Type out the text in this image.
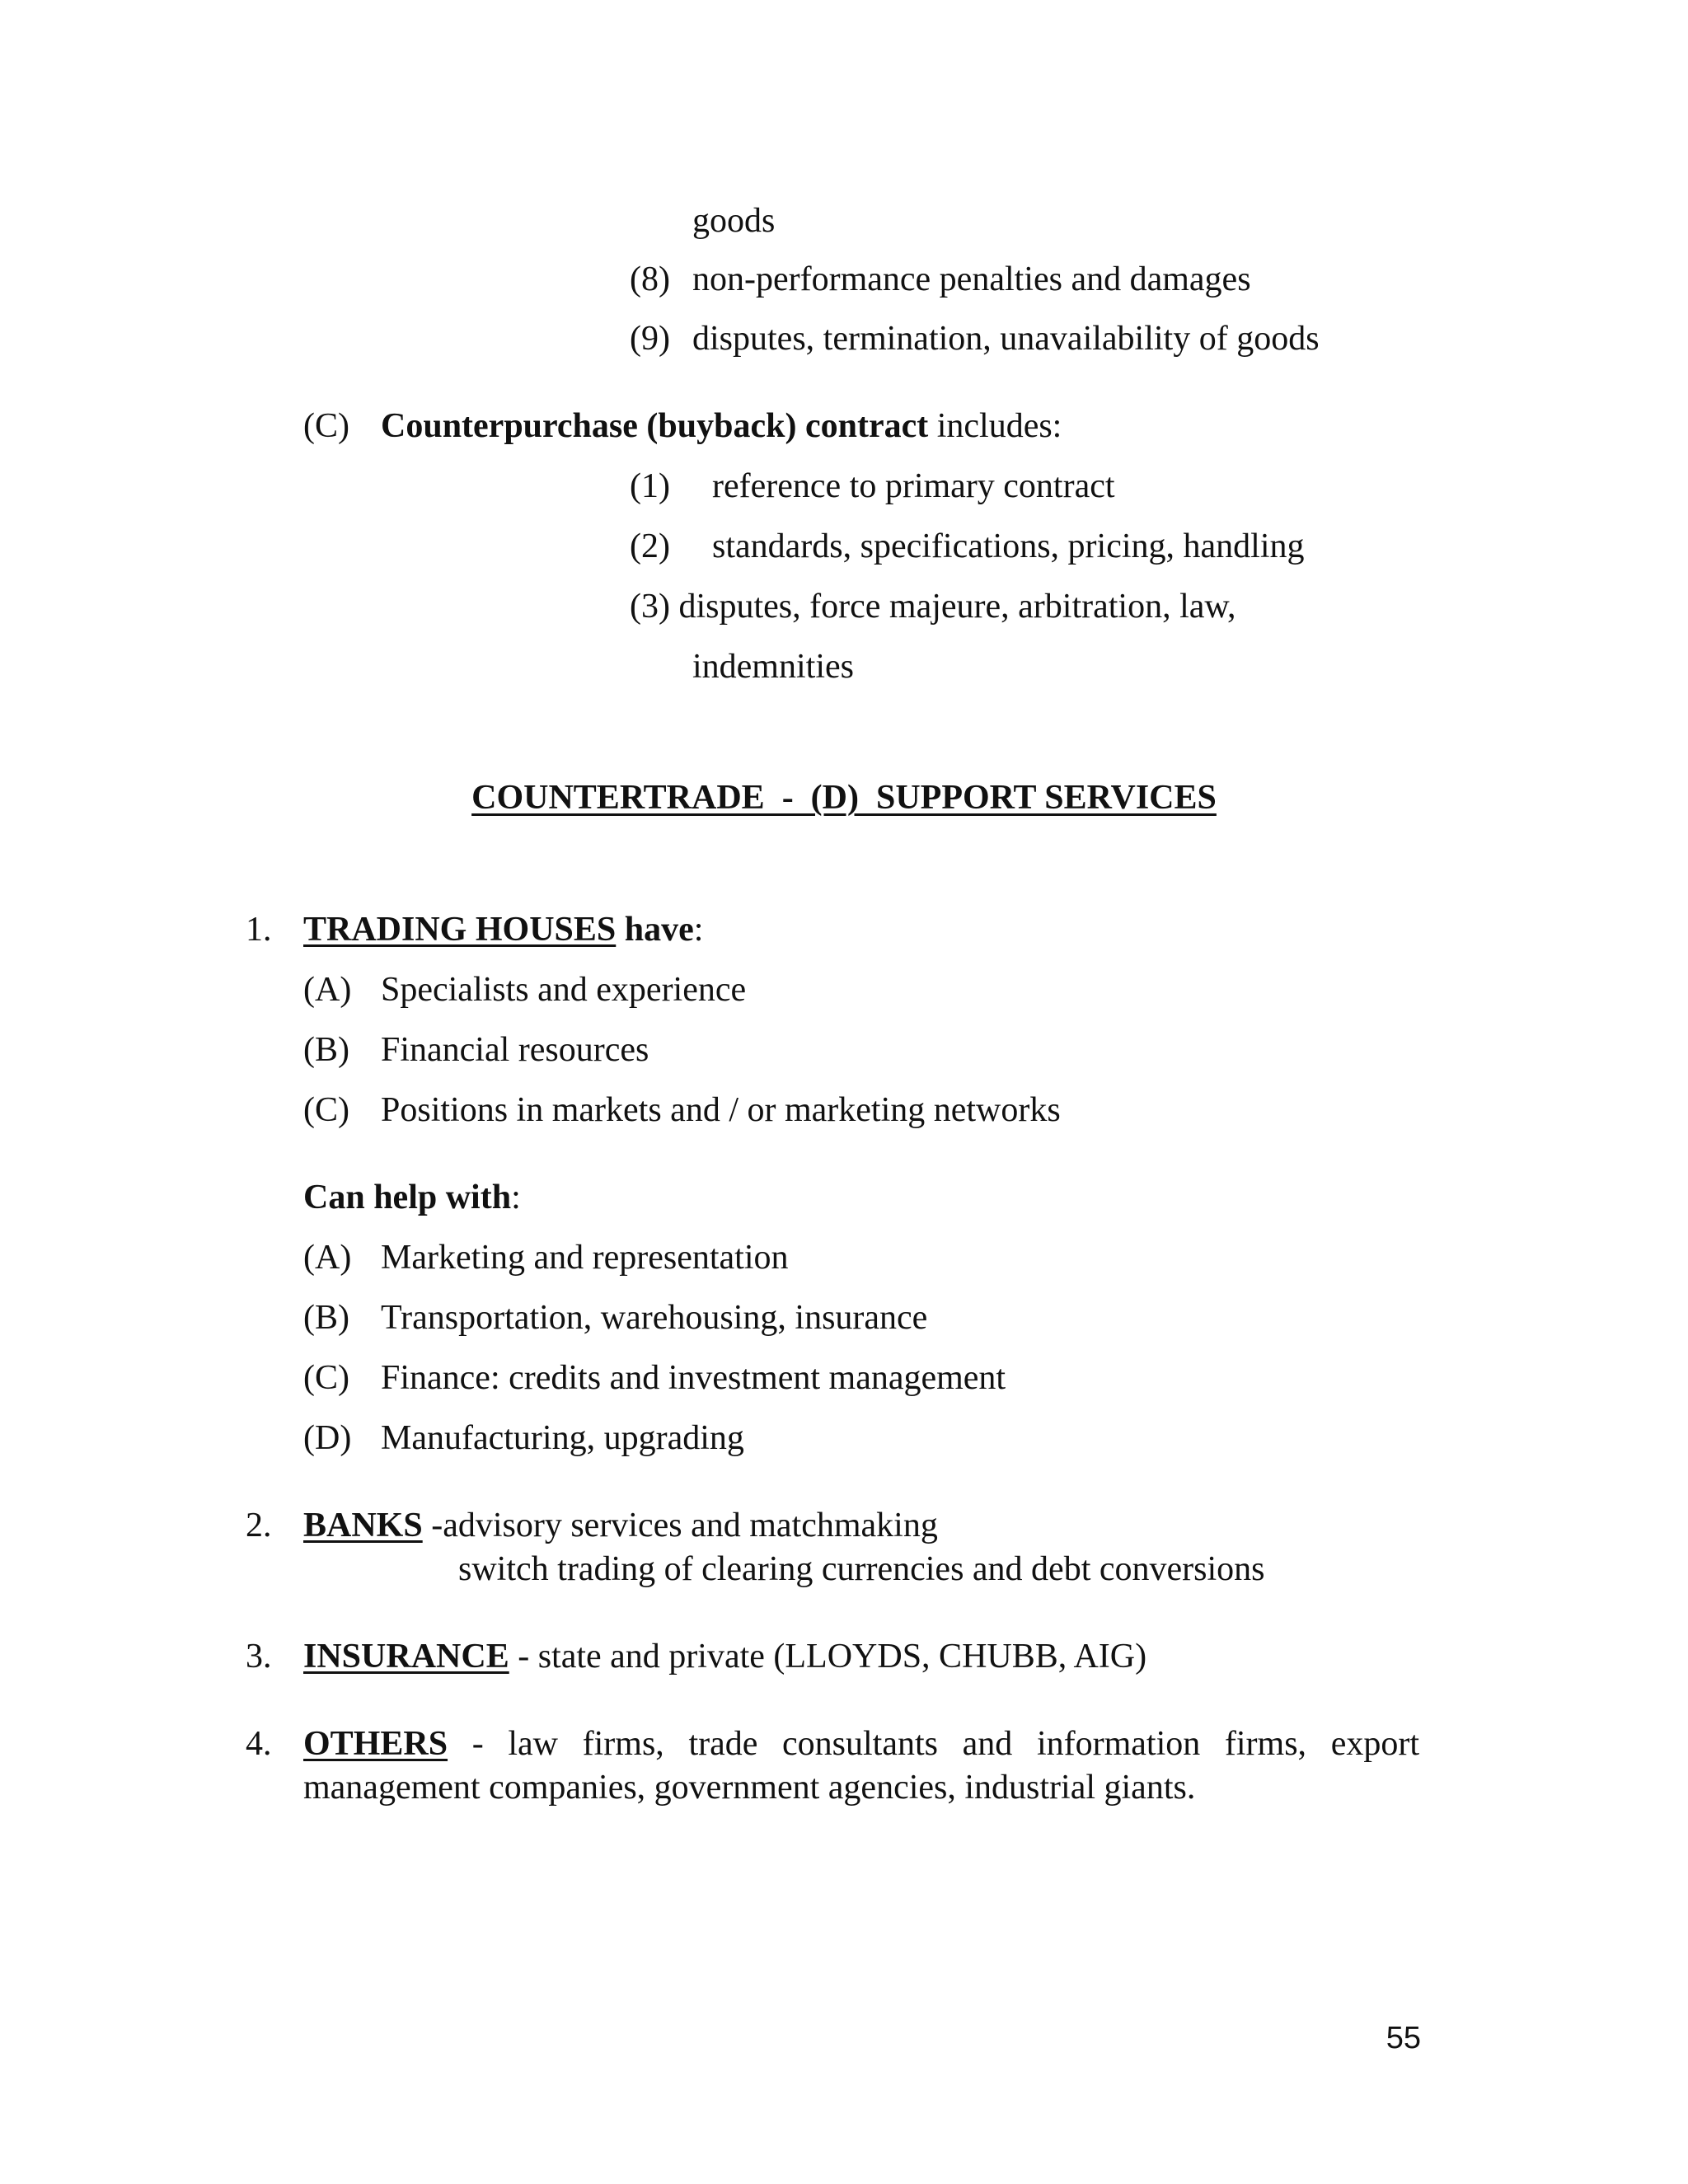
goods
(8) non-performance penalties and damages
(9) disputes, termination, unavailability of goods
(C) Counterpurchase (buyback) contract includes:
(1) reference to primary contract
(2) standards, specifications, pricing, handling
(3) disputes, force majeure, arbitration, law,
indemnities
COUNTERTRADE  -  (D)  SUPPORT SERVICES
1. TRADING HOUSES have:
(A) Specialists and experience
(B) Financial resources
(C) Positions in markets and / or marketing networks
Can help with:
(A) Marketing and representation
(B) Transportation, warehousing, insurance
(C) Finance: credits and investment management
(D) Manufacturing, upgrading
2. BANKS -advisory services and matchmaking
switch trading of clearing currencies and debt conversions
3. INSURANCE - state and private (LLOYDS, CHUBB, AIG)
4. OTHERS - law firms, trade consultants and information firms, export
management companies, government agencies, industrial giants.
55
